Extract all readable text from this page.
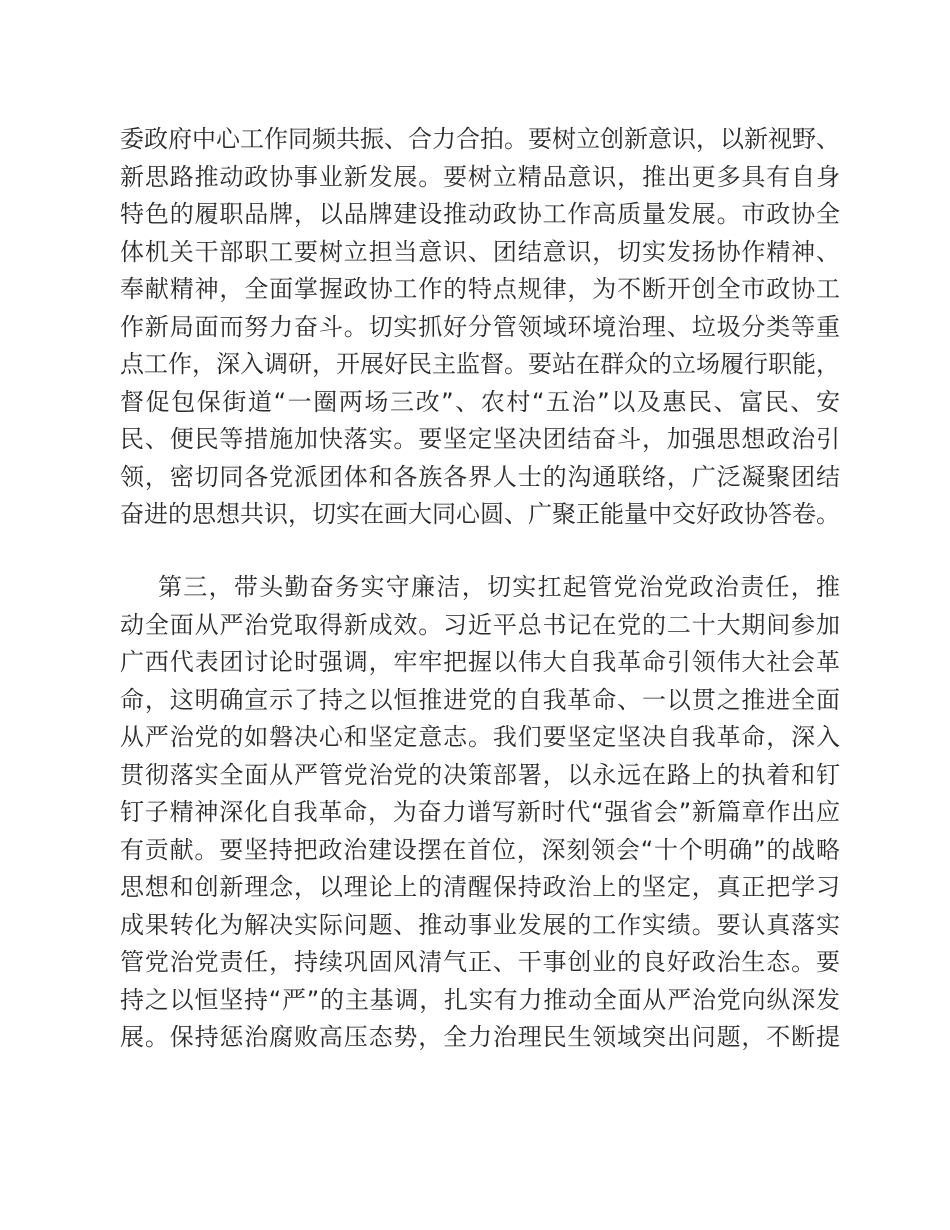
委政府中心工作同频共振、合力合拍。要树立创新意识，以新视野、
新思路推动政协事业新发展。要树立精品意识，推出更多具有自身
特色的履职品牌，以品牌建设推动政协工作高质量发展。市政协全
体机关干部职工要树立担当意识、团结意识，切实发扬协作精神、
奉献精神，全面掌握政协工作的特点规律，为不断开创全市政协工
作新局面而努力奋斗。切实抓好分管领域环境治理、垃圾分类等重
点工作，深入调研，开展好民主监督。要站在群众的立场履行职能，
督促包保街道“一圈两场三改”、农村“五治”以及惠民、富民、安
民、便民等措施加快落实。要坚定坚决团结奋斗，加强思想政治引
领，密切同各党派团体和各族各界人士的沟通联络，广泛凝聚团结
奋进的思想共识，切实在画大同心圆、广聚正能量中交好政协答卷。
第三，带头勤奋务实守廉洁，切实扛起管党治党政治责任，推
动全面从严治党取得新成效。习近平总书记在党的二十大期间参加
广西代表团讨论时强调，牢牢把握以伟大自我革命引领伟大社会革
命，这明确宣示了持之以恒推进党的自我革命、一以贯之推进全面
从严治党的如磐决心和坚定意志。我们要坚定坚决自我革命，深入
贯彻落实全面从严管党治党的决策部署，以永远在路上的执着和钉
钉子精神深化自我革命，为奋力谱写新时代“强省会”新篇章作出应
有贡献。要坚持把政治建设摆在首位，深刻领会“十个明确”的战略
思想和创新理念，以理论上的清醒保持政治上的坚定，真正把学习
成果转化为解决实际问题、推动事业发展的工作实绩。要认真落实
管党治党责任，持续巩固风清气正、干事创业的良好政治生态。要
持之以恒坚持“严”的主基调，扎实有力推动全面从严治党向纵深发
展。保持惩治腐败高压态势，全力治理民生领域突出问题，不断提
